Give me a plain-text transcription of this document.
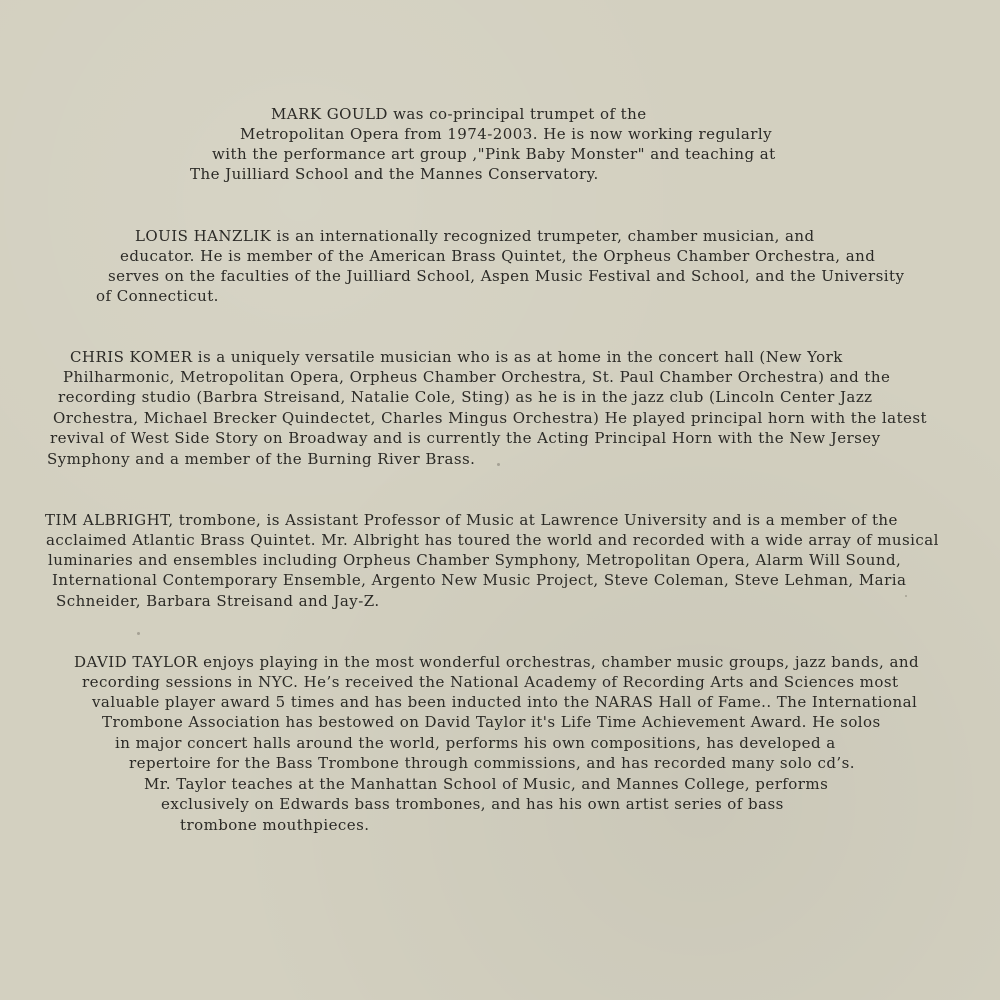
MARK GOULD was co-principal trumpet of the
Metropolitan Opera from 1974-2003. He is now working regularly
with the performance art group ,"Pink Baby Monster" and teaching at
The Juilliard School and the Mannes Conservatory.
LOUIS HANZLIK is an internationally recognized trumpeter, chamber musician, and
educator. He is member of the American Brass Quintet, the Orpheus Chamber Orchestra, and
serves on the faculties of the Juilliard School, Aspen Music Festival and School, and the University
of Connecticut.
CHRIS KOMER is a uniquely versatile musician who is as at home in the concert hall (New York
Philharmonic, Metropolitan Opera, Orpheus Chamber Orchestra, St. Paul Chamber Orchestra) and the
recording studio (Barbra Streisand, Natalie Cole, Sting) as he is in the jazz club (Lincoln Center Jazz
Orchestra, Michael Brecker Quindectet, Charles Mingus Orchestra) He played principal horn with the latest
revival of West Side Story on Broadway and is currently the Acting Principal Horn with the New Jersey
Symphony and a member of the Burning River Brass.
TIM ALBRIGHT, trombone, is Assistant Professor of Music at Lawrence University and is a member of the
acclaimed Atlantic Brass Quintet. Mr. Albright has toured the world and recorded with a wide array of musical
luminaries and ensembles including Orpheus Chamber Symphony, Metropolitan Opera, Alarm Will Sound,
International Contemporary Ensemble, Argento New Music Project, Steve Coleman, Steve Lehman, Maria
Schneider, Barbara Streisand and Jay-Z.
DAVID TAYLOR enjoys playing in the most wonderful orchestras, chamber music groups, jazz bands, and
recording sessions in NYC. He’s received the National Academy of Recording Arts and Sciences most
valuable player award 5 times and has been inducted into the NARAS Hall of Fame.. The International
Trombone Association has bestowed on David Taylor it's Life Time Achievement Award. He solos
in major concert halls around the world, performs his own compositions, has developed a
repertoire for the Bass Trombone through commissions, and has recorded many solo cd’s.
Mr. Taylor teaches at the Manhattan School of Music, and Mannes College, performs
exclusively on Edwards bass trombones, and has his own artist series of bass
trombone mouthpieces.
